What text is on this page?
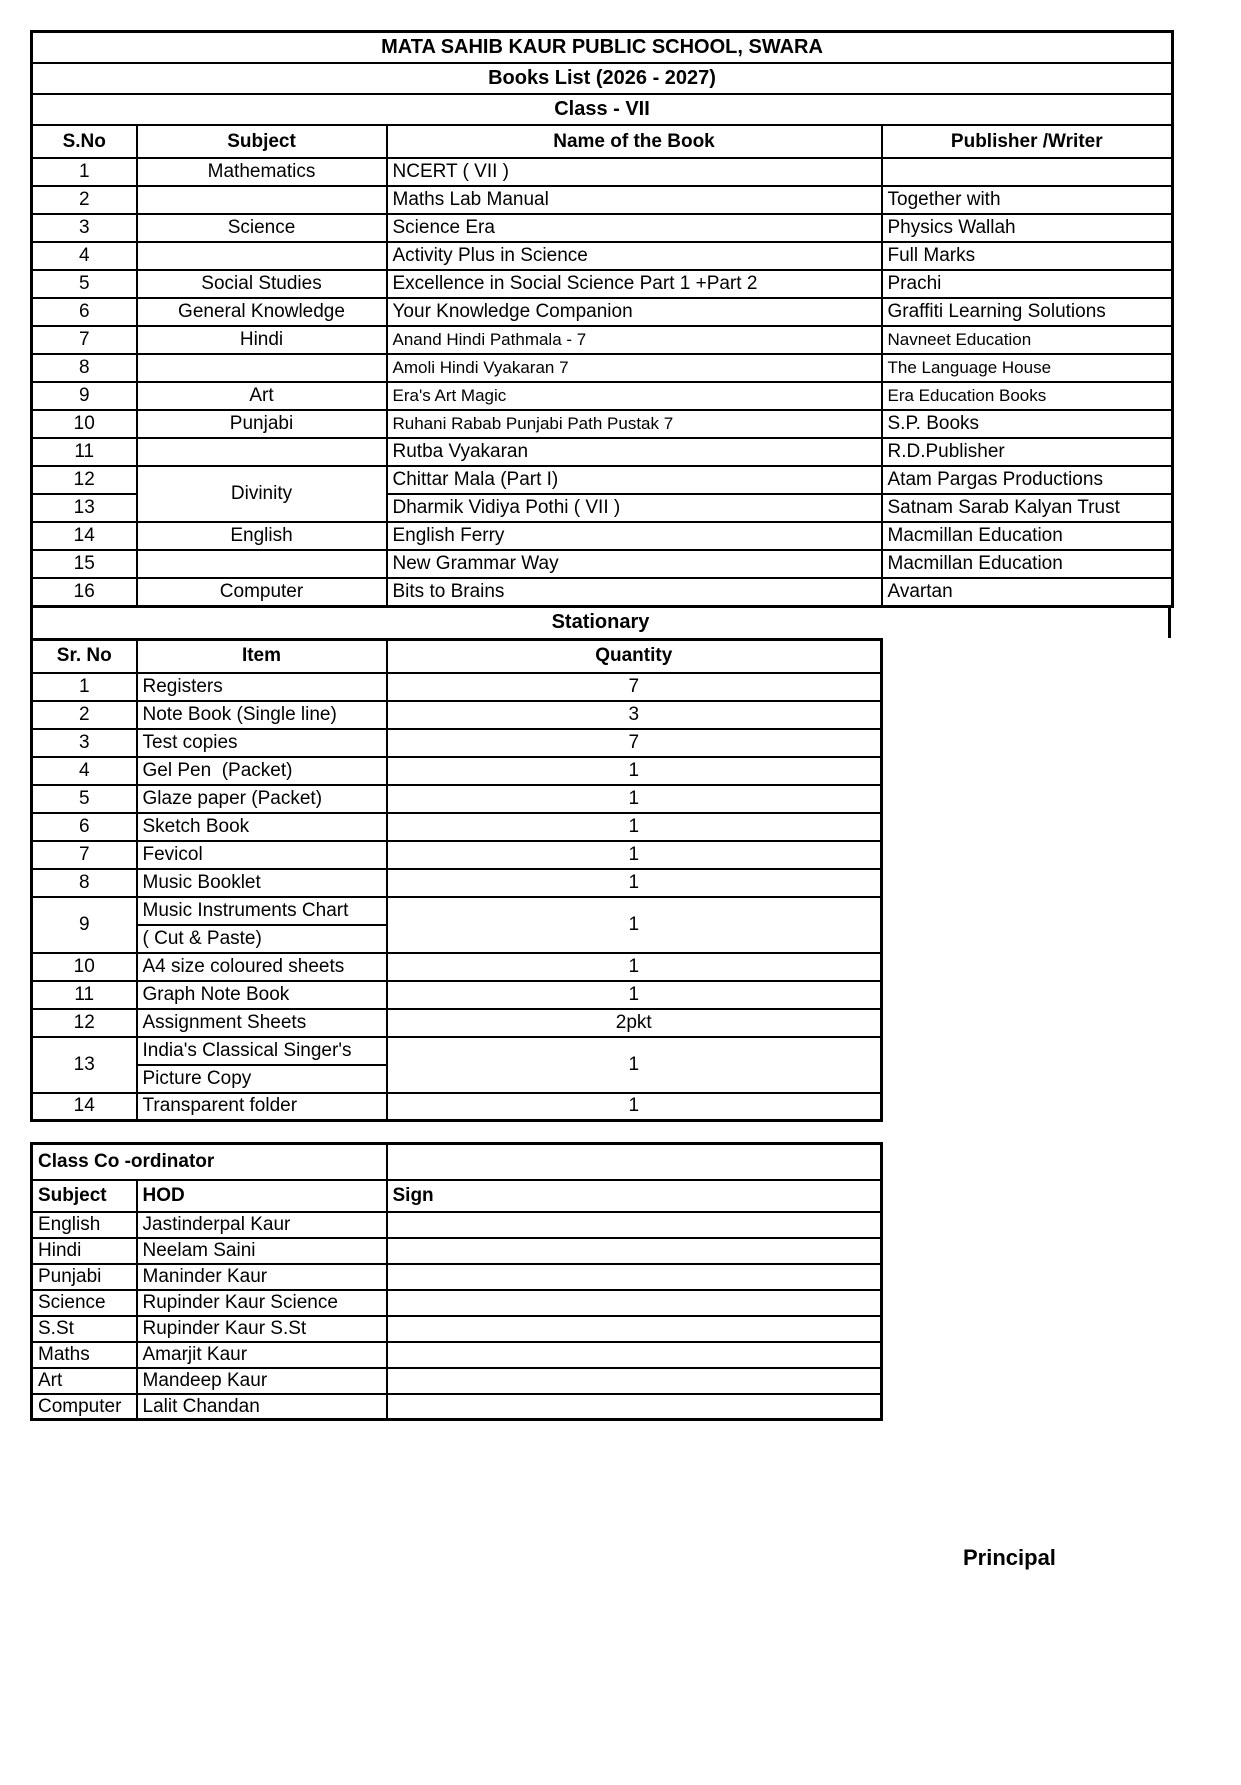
MATA SAHIB KAUR PUBLIC SCHOOL, SWARA			
Books List (2026 - 2027)			
Class - VII			
S.No	Subject	Name of the Book	Publisher /Writer
1	Mathematics	NCERT ( VII )	
2		Maths Lab Manual	Together with
3	Science	Science Era	Physics Wallah
4		Activity Plus in Science	Full Marks
5	Social Studies	Excellence in Social Science Part 1 +Part 2	Prachi
6	General Knowledge	Your Knowledge Companion	Graffiti Learning Solutions
7	Hindi	Anand Hindi Pathmala - 7	Navneet Education
8		Amoli Hindi Vyakaran 7	The Language House
9	Art	Era's Art Magic	Era Education Books
10	Punjabi	Ruhani Rabab Punjabi Path Pustak 7	S.P. Books
11		Rutba Vyakaran	R.D.Publisher
12	Divinity	Chittar Mala (Part I)	Atam Pargas Productions
13		Dharmik Vidiya Pothi ( VII )	Satnam Sarab Kalyan Trust
14	English	English Ferry	Macmillan Education
15		New Grammar Way	Macmillan Education
16	Computer	Bits to Brains	Avartan
Stationary
Sr. No	Item	Quantity
1	Registers	7
2	Note Book (Single line)	3
3	Test copies	7
4	Gel Pen  (Packet)	1
5	Glaze paper (Packet)	1
6	Sketch Book	1
7	Fevicol	1
8	Music Booklet	1
9	Music Instruments Chart	1
	( Cut & Paste)	
10	A4 size coloured sheets	1
11	Graph Note Book	1
12	Assignment Sheets	2pkt
13	India's Classical Singer's	1
	Picture Copy	
14	Transparent folder	1
Class Co -ordinator		
Subject	HOD	Sign
English	Jastinderpal Kaur	
Hindi	Neelam Saini	
Punjabi	Maninder Kaur	
Science	Rupinder Kaur Science	
S.St	Rupinder Kaur S.St	
Maths	Amarjit Kaur	
Art	Mandeep Kaur	
Computer	Lalit Chandan	
Principal
